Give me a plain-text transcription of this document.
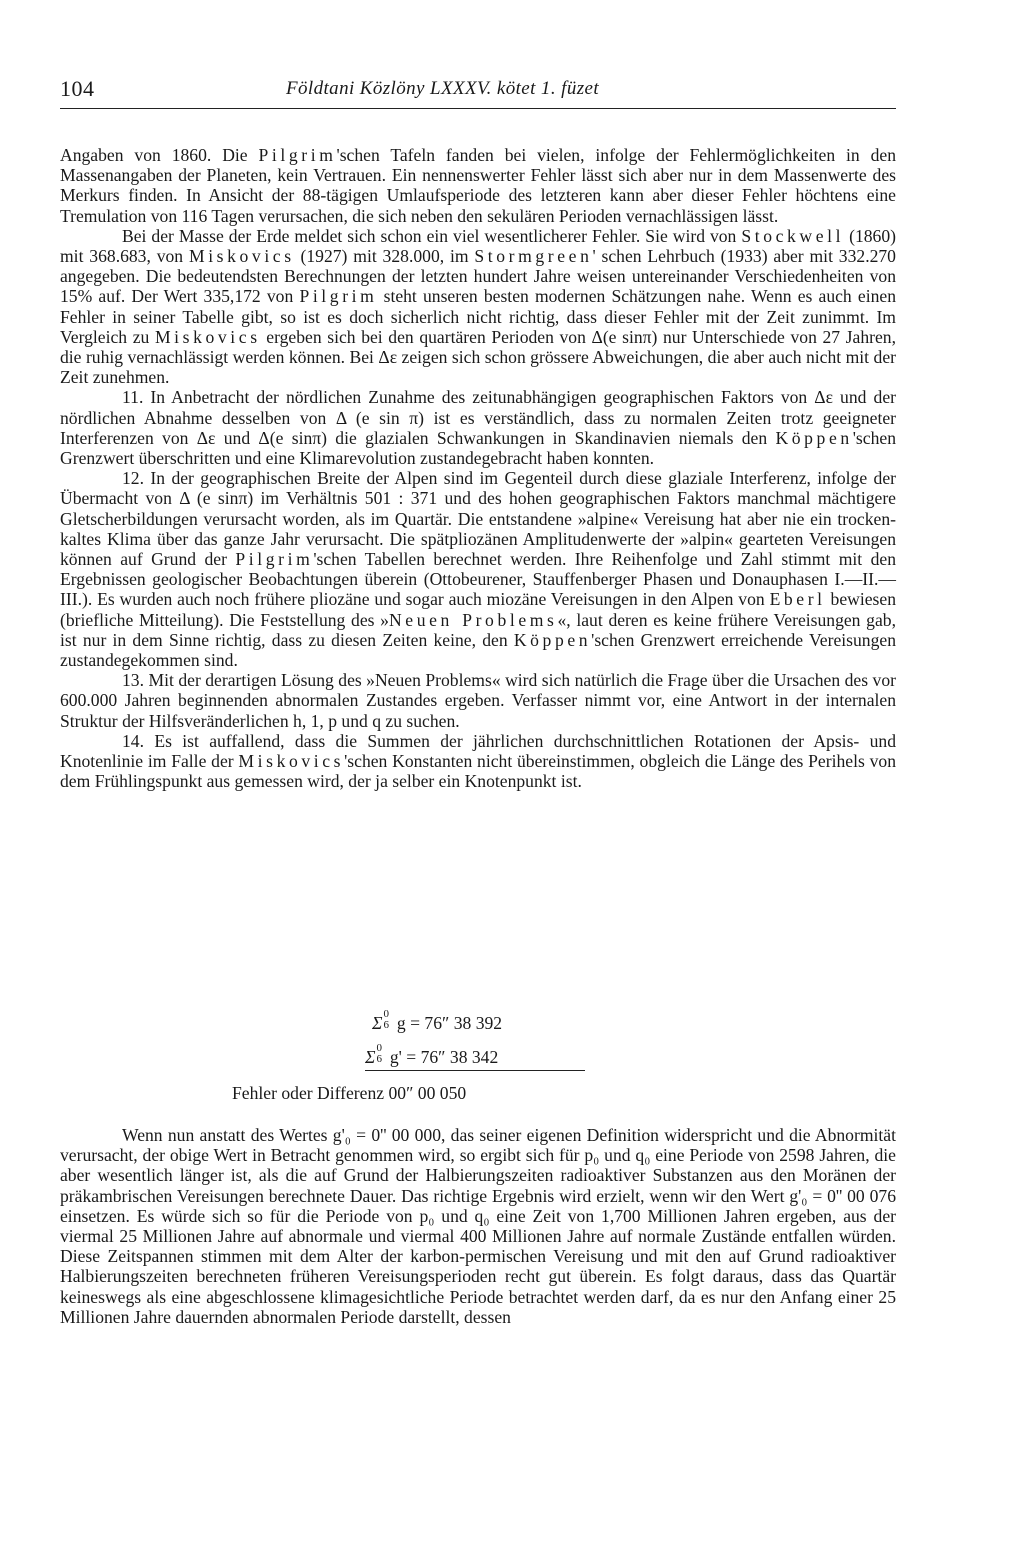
104	Földtani Közlöny LXXXV. kötet 1. füzet

Angaben von 1860. Die Pilgrim'schen Tafeln fanden bei vielen, infolge der Fehlermöglichkeiten in den Massenangaben der Planeten, kein Vertrauen. Ein nennenswerter Fehler lässt sich aber nur in dem Massenwerte des Merkurs finden. In Ansicht der 88-tägigen Umlaufsperiode des letzteren kann aber dieser Fehler höchtens eine Tremulation von 116 Tagen verursachen, die sich neben den sekulären Perioden vernachlässigen lässt.

Bei der Masse der Erde meldet sich schon ein viel wesentlicherer Fehler. Sie wird von Stockwell (1860) mit 368.683, von Miskovics (1927) mit 328.000, im Stormgreen' schen Lehrbuch (1933) aber mit 332.270 angegeben. Die bedeutendsten Berechnungen der letzten hundert Jahre weisen untereinander Verschiedenheiten von 15% auf. Der Wert 335,172 von Pilgrim steht unseren besten modernen Schätzungen nahe. Wenn es auch einen Fehler in seiner Tabelle gibt, so ist es doch sicherlich nicht richtig, dass dieser Fehler mit der Zeit zunimmt. Im Vergleich zu Miskovics ergeben sich bei den quartären Perioden von Δ(e sinπ) nur Unterschiede von 27 Jahren, die ruhig vernachlässigt werden können. Bei Δε zeigen sich schon grössere Abweichungen, die aber auch nicht mit der Zeit zunehmen.

11. In Anbetracht der nördlichen Zunahme des zeitunabhängigen geographischen Faktors von Δε und der nördlichen Abnahme desselben von Δ (e sin π) ist es verständlich, dass zu normalen Zeiten trotz geeigneter Interferenzen von Δε und Δ(e sinπ) die glazialen Schwankungen in Skandinavien niemals den Köppen'schen Grenzwert überschritten und eine Klimarevolution zustandegebracht haben konnten.

12. In der geographischen Breite der Alpen sind im Gegenteil durch diese glaziale Interferenz, infolge der Übermacht von Δ (e sinπ) im Verhältnis 501 : 371 und des hohen geographischen Faktors manchmal mächtigere Gletscherbildungen verursacht worden, als im Quartär. Die entstandene »alpine« Vereisung hat aber nie ein trocken-kaltes Klima über das ganze Jahr verursacht. Die spätpliozänen Amplitudenwerte der »alpin« gearteten Vereisungen können auf Grund der Pilgrim'schen Tabellen berechnet werden. Ihre Reihenfolge und Zahl stimmt mit den Ergebnissen geologischer Beobachtungen überein (Ottobeurener, Stauffenberger Phasen und Donauphasen I.—II.—III.). Es wurden auch noch frühere pliozäne und sogar auch miozäne Vereisungen in den Alpen von Eberl bewiesen (briefliche Mitteilung). Die Feststellung des »Neuen Problems«, laut deren es keine frühere Vereisungen gab, ist nur in dem Sinne richtig, dass zu diesen Zeiten keine, den Köppen'schen Grenzwert erreichende Vereisungen zustandegekommen sind.

13. Mit der derartigen Lösung des »Neuen Problems« wird sich natürlich die Frage über die Ursachen des vor 600.000 Jahren beginnenden abnormalen Zustandes ergeben. Verfasser nimmt vor, eine Antwort in der internalen Struktur der Hilfsveränderlichen h, 1, p und q zu suchen.

14. Es ist auffallend, dass die Summen der jährlichen durchschnittlichen Rotationen der Apsis- und Knotenlinie im Falle der Miskovics'schen Konstanten nicht übereinstimmen, obgleich die Länge des Perihels von dem Frühlingspunkt aus gemessen wird, der ja selber ein Knotenpunkt ist.

Σ 0
6 g = 76″ 38 392
Σ 0
6 g' = 76″ 38 342
Fehler oder Differenz 00″ 00 050

Wenn nun anstatt des Wertes g'₀ = 0'' 00 000, das seiner eigenen Definition widerspricht und die Abnormität verursacht, der obige Wert in Betracht genommen wird, so ergibt sich für p₀ und q₀ eine Periode von 2598 Jahren, die aber wesentlich länger ist, als die auf Grund der Halbierungszeiten radioaktiver Substanzen aus den Moränen der präkambrischen Vereisungen berechnete Dauer. Das richtige Ergebnis wird erzielt, wenn wir den Wert g'₀ = 0'' 00 076 einsetzen. Es würde sich so für die Periode von p₀ und q₀ eine Zeit von 1,700 Millionen Jahren ergeben, aus der viermal 25 Millionen Jahre auf abnormale und viermal 400 Millionen Jahre auf normale Zustände entfallen würden. Diese Zeitspannen stimmen mit dem Alter der karbon-permischen Vereisung und mit den auf Grund radioaktiver Halbierungszeiten berechneten früheren Vereisungsperioden recht gut überein. Es folgt daraus, dass das Quartär keineswegs als eine abgeschlossene klimagesichtliche Periode betrachtet werden darf, da es nur den Anfang einer 25 Millionen Jahre dauernden abnormalen Periode darstellt, dessen
